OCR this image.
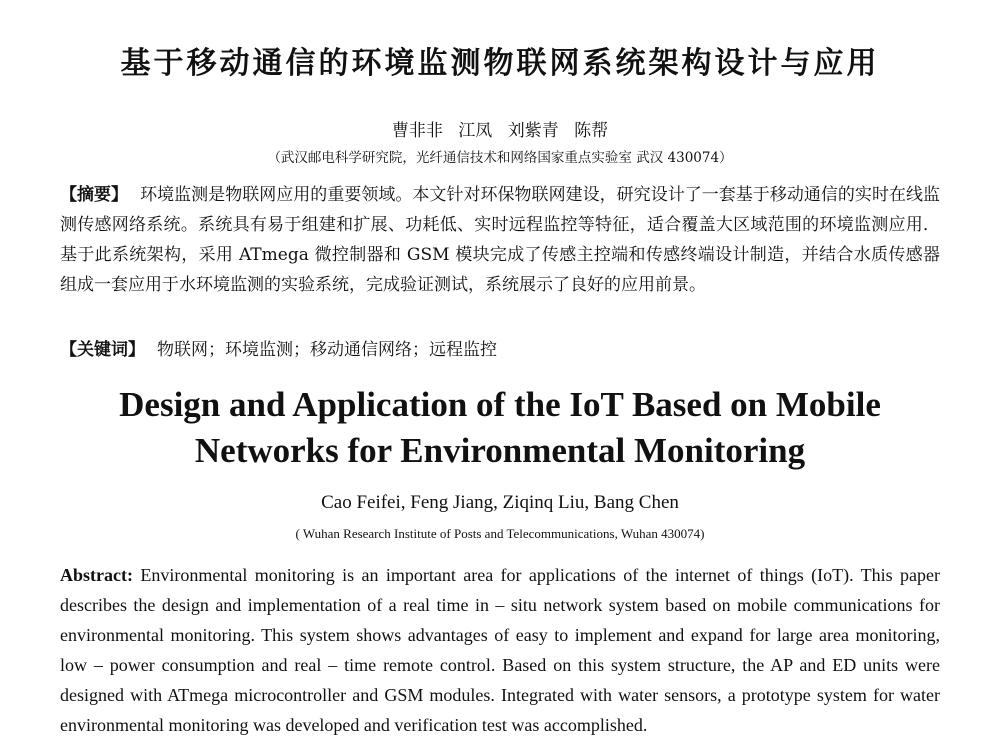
基于移动通信的环境监测物联网系统架构设计与应用
曹非非 江凤 刘紫青 陈帮
（武汉邮电科学研究院，光纤通信技术和网络国家重点实验室 武汉 430074）

【摘要】 环境监测是物联网应用的重要领域。本文针对环保物联网建设，研究设计了一套基于移动通信的实时在线监测传感网络系统。系统具有易于组建和扩展、功耗低、实时远程监控等特征，适合覆盖大区域范围的环境监测应用．基于此系统架构，采用 ATmega 微控制器和 GSM 模块完成了传感主控端和传感终端设计制造，并结合水质传感器组成一套应用于水环境监测的实验系统，完成验证测试，系统展示了良好的应用前景。

【关键词】 物联网；环境监测；移动通信网络；远程监控

Design and Application of the IoT Based on Mobile
Networks for Environmental Monitoring
Cao Feifei, Feng Jiang, Ziqinq Liu, Bang Chen
( Wuhan Research Institute of Posts and Telecommunications, Wuhan 430074)

Abstract: Environmental monitoring is an important area for applications of the internet of things (IoT). This paper describes the design and implementation of a real time in – situ network system based on mobile communications for environmental monitoring. This system shows advantages of easy to implement and expand for large area monitoring, low – power consumption and real – time remote control. Based on this system structure, the AP and ED units were designed with ATmega microcontroller and GSM modules. Integrated with water sensors, a prototype system for water environmental monitoring was developed and verification test was accomplished.
